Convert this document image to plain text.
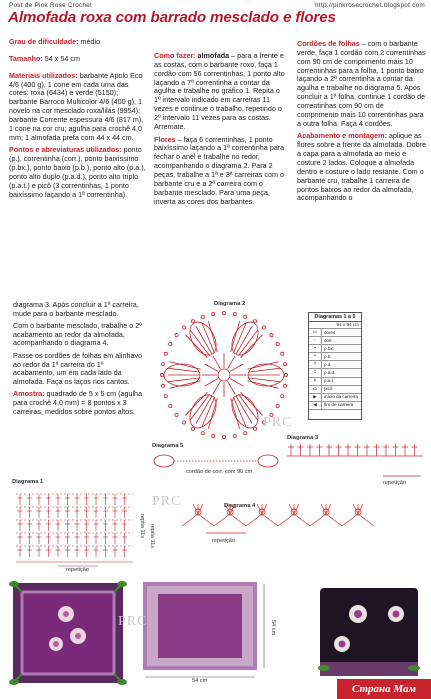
Post de Pink Rose Crochet	http://pinkrosecrochet.blogspot.com
Almofada roxa com barrado mesclado e flores

Grau de dificuldade: médio

Tamanho: 54 x 54 cm

Materiais utilizados: barbante Apolo Eco 4/6 (400 g), 1 cone em cada uma das cores: roxa (6434) e verde (5150); barbante Barroco Multicolor 4/6 (400 g), 1 novelo na cor mesclado roxa/lilás (9954); barbante Corrente espessura 4/6 (817 m), 1 cone na cor cru; agulha para crochê 4,0 mm; 1 almofada preta com 44 x 44 cm.

Pontos e abreviaturas utilizados: ponto (p.), correntinha (corr.), ponto baixíssimo (p.bx.), ponto baixo (p.b.), ponto alto (p.a.), ponto alto duplo (p.a.d.), ponto alto triplo (p.a.t.) e picô (3 correntinhas, 1 ponto baixíssimo laçando a 1ª correntinha).

Como fazer: almofada – para a frente e as costas, com o barbante roxo, faça 1 cordão com 56 correntinhas, 1 ponto alto laçando a 7ª correntinha a contar da agulha e trabalhe no gráfico 1. Repita o 1º intervalo indicado em carreiras 11 vezes e continue o trabalho, repetindo o 2º intervalo 11 vezes para as costas. Arremate.

Flores – faça 6 correntinhas, 1 ponto baixíssimo laçando a 1ª correntinha para fechar o anel e trabalhe no redor, acompanhando o diagrama 2. Para 2 peças, trabalhe a 1ª e 3ª carreiras com o barbante cru e a 2ª carreira com o barbante mesclado. Para uma peça, inverta as cores dos barbantes.

Cordões de folhas – com o barbante verde, faça 1 cordão com 2 correntinhas com 90 cm de comprimento mais 10 correntinhas para a folha, 1 ponto baixo laçando a 2ª correntinha a contar da agulha e trabalhe no diagrama 5. Após concluir a 1ª folha, continue 1 cordão de correntinhas com 90 cm de comprimento mais 10 correntinhas para a outra folha. Faça 4 cordões.

Acabamento e montagem: aplique as flores sobre a frente da almofada. Dobre a capa para a almofada ao meio e costure 2 lados. Coloque a almofada dentro e costure o lado restante. Com o barbante cru, trabalhe 1 carreira de pontos baixos ao redor da almofada, acompanhando o

diagrama 3. Após concluir a 1ª carreira, mude para o barbante mesclado.

Com o barbante mesclado, trabalhe o 2º acabamento ao redor da almofada, acompanhando o diagrama 4.

Passe os cordões de folhas em alinhavo ao redor da 1ª carreira do 1º acabamento, um em cada lado da almofada. Faça os laços nos cantos.

Amostra: quadrado de 5 x 5 cm (agulha para crochê 4,0 mm) = 8 pontos x 3 carreiras, medidos sobre pontos altos.

Diagrama 2
Diagramas 1 a 5
54 x 54 cm
▭	cores
◦	corr.
•	p.bx.
+	p.b.
†	p.a.
‡	p.a.d.
ǂ	p.a.t.
ɷ	picô
▶	início da carreira
◀	fim de carreira
Diagrama 5
cordão de corr. com 90 cm
Diagrama 3
repetição
Diagrama 4
repetição
Diagrama 1
repetição
repita 11x repita 11x
54 cm
54 cm
PRC
PRC
PRC
Страна Мам
